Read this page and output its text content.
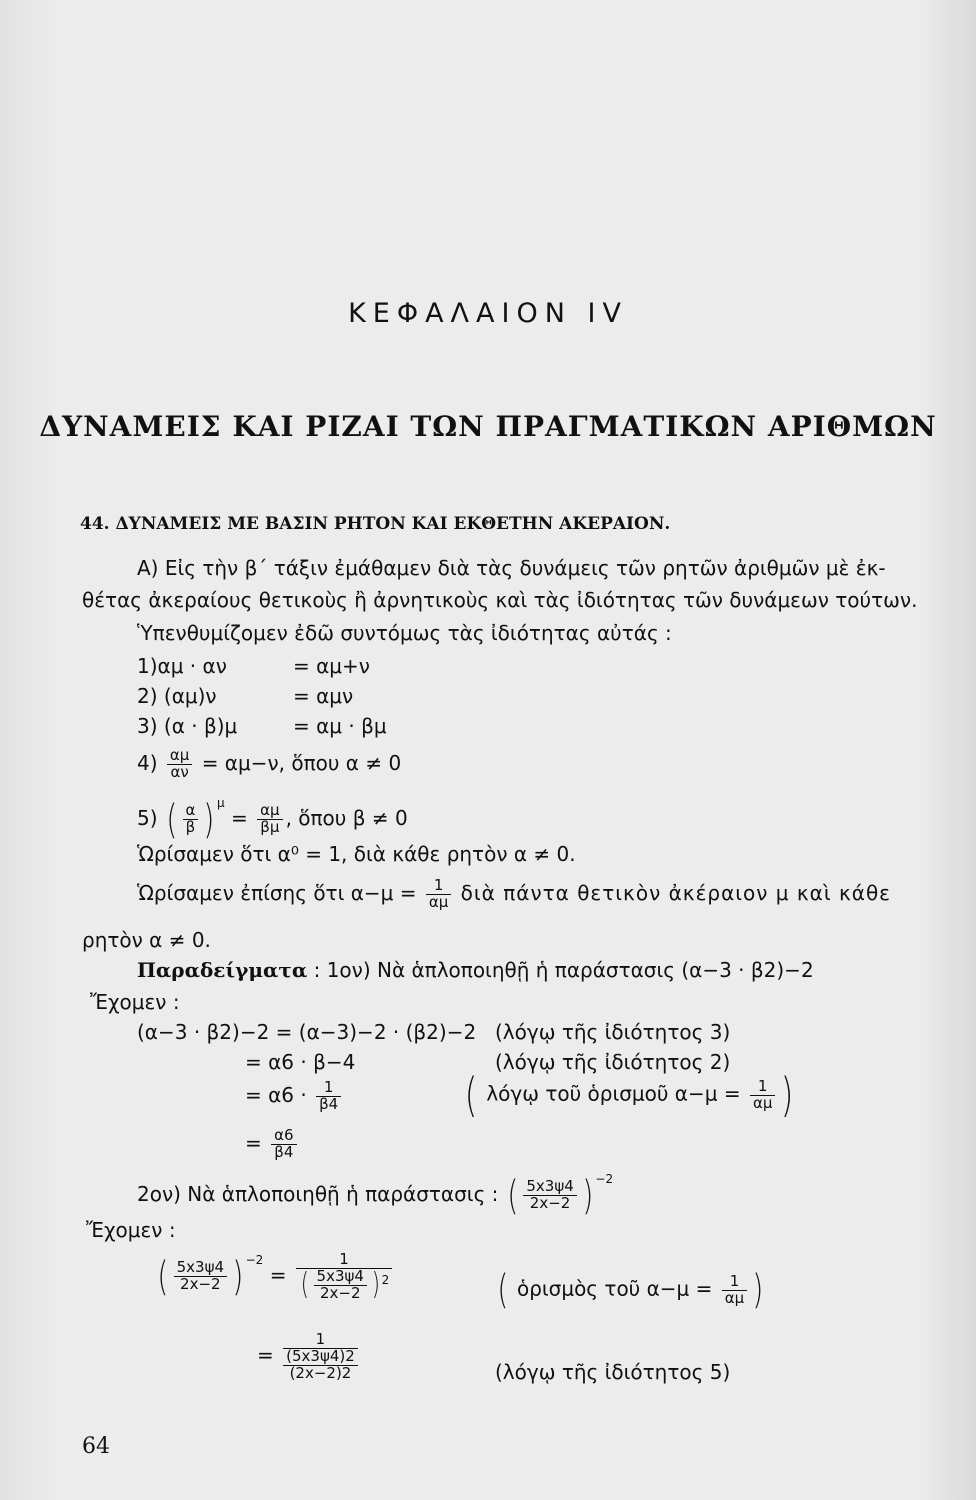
ΚΕΦΑΛΑΙΟΝ IV
ΔΥΝΑΜΕΙΣ ΚΑΙ ΡΙΖΑΙ ΤΩΝ ΠΡΑΓΜΑΤΙΚΩΝ ΑΡΙΘΜΩΝ
44. ΔΥΝΑΜΕΙΣ ΜΕ ΒΑΣΙΝ ΡΗΤΟΝ ΚΑΙ ΕΚΘΕΤΗΝ ΑΚΕΡΑΙΟΝ.
Α) Εἰς τὴν β΄ τάξιν ἐμάθαμεν διὰ τὰς δυνάμεις τῶν ρητῶν ἀριθμῶν μὲ ἐκ-
θέτας ἀκεραίους θετικοὺς ἢ ἀρνητικοὺς καὶ τὰς ἰδιότητας τῶν δυνάμεων τούτων.
Ὑπενθυμίζομεν ἐδῶ συντόμως τὰς ἰδιότητας αὐτάς :
1)αμ · αν	= αμ+ν
2) (αμ)ν	= αμν
3) (α · β)μ	= αμ · βμ
$4) \frac{\alpha\mu}{\alpha\nu} = \alpha\mu-\nu$, ὅπου α ≠ 0
5) ( $\frac{\alpha}{\beta}$ ) $^\mu = \frac{\alpha\mu}{\beta\mu}$ , ὅπου β ≠ 0
Ὡρίσαμεν ὅτι α⁰ = 1, διὰ κάθε ρητὸν α ≠ 0.
Ὡρίσαμεν ἐπίσης ὅτι $\alpha-\mu = \frac{1}{\alpha\mu}$ διὰ πάντα θετικὸν ἀκέραιον μ καὶ κάθε
ρητὸν α ≠ 0.
Παραδείγματα : 1ον) Νὰ ἁπλοποιηθῇ ἡ παράστασις (α−3 · β2)−2
Ἔχομεν :
(α−3 · β2)−2 = (α−3)−2 · (β2)−2 (λόγῳ τῆς ἰδιότητος 3)
= α6 · β−4	(λόγῳ τῆς ἰδιότητος 2)
= $\alpha 6 \cdot \frac{1}{\beta 4}$	( λόγῳ τοῦ ὁρισμοῦ $\alpha-\mu = \frac{1}{\alpha\mu}$ )
= $\frac{\alpha 6}{\beta 4}$
2ον) Νὰ ἁπλοποιηθῇ ἡ παράστασις : ( $\frac{5x3\psi 4}{2x-2}$ ) $^{-2}$
Ἔχομεν :
( $\frac{5x3\psi 4}{2x-2}$ ) $^{-2} = \frac{1}{( \frac{5x3\psi 4}{2x-2} ) ^2}$	( ὁρισμὸς τοῦ $\alpha-\mu = \frac{1}{\alpha\mu}$ )
=
1
$\frac{(5x3\psi 4)2}{(2x-2)2}$	(λόγῳ τῆς ἰδιότητος 5)
64
